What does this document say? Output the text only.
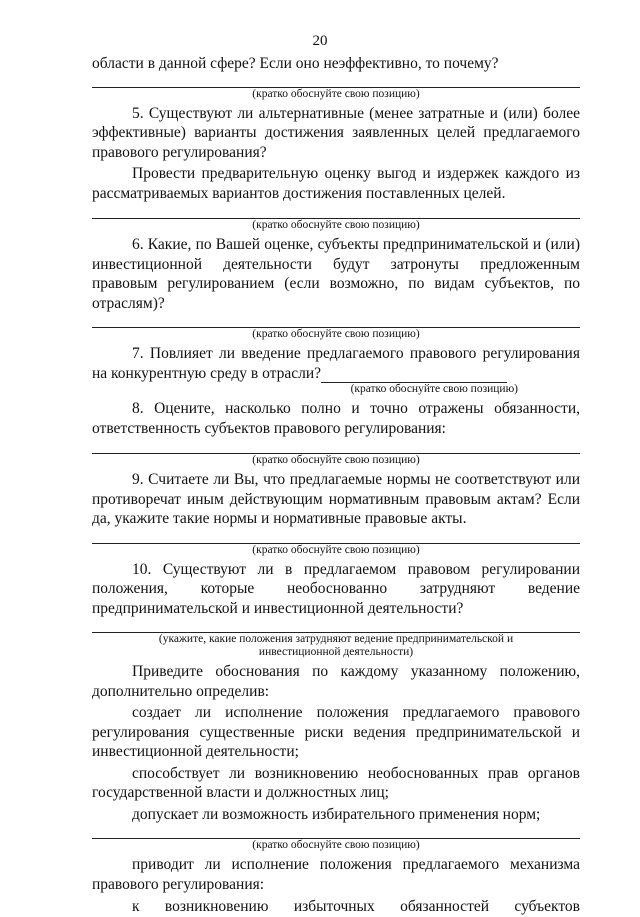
20

области в данной сфере? Если оно неэффективно, то почему?

(кратко обоснуйте свою позицию)

5. Существуют ли альтернативные (менее затратные и (или) более эффективные) варианты достижения заявленных целей предлагаемого правового регулирования?

Провести предварительную оценку выгод и издержек каждого из рассматриваемых вариантов достижения поставленных целей.

(кратко обоснуйте свою позицию)

6. Какие, по Вашей оценке, субъекты предпринимательской и (или) инвестиционной деятельности будут затронуты предложенным правовым регулированием (если возможно, по видам субъектов, по отраслям)?

(кратко обоснуйте свою позицию)

7. Повлияет ли введение предлагаемого правового регулирования на конкурентную среду в отрасли?

(кратко обоснуйте свою позицию)

8. Оцените, насколько полно и точно отражены обязанности, ответственность субъектов правового регулирования:

(кратко обоснуйте свою позицию)

9. Считаете ли Вы, что предлагаемые нормы не соответствуют или противоречат иным действующим нормативным правовым актам? Если да, укажите такие нормы и нормативные правовые акты.

(кратко обоснуйте свою позицию)

10. Существуют ли в предлагаемом правовом регулировании положения, которые необоснованно затрудняют ведение предпринимательской и инвестиционной деятельности?

(укажите, какие положения затрудняют ведение предпринимательской и инвестиционной деятельности)

Приведите обоснования по каждому указанному положению, дополнительно определив:

создает ли исполнение положения предлагаемого правового регулирования существенные риски ведения предпринимательской и инвестиционной деятельности;

способствует ли возникновению необоснованных прав органов государственной власти и должностных лиц;

допускает ли возможность избирательного применения норм;

(кратко обоснуйте свою позицию)

приводит ли исполнение положения предлагаемого механизма правового регулирования:

к возникновению избыточных обязанностей субъектов
